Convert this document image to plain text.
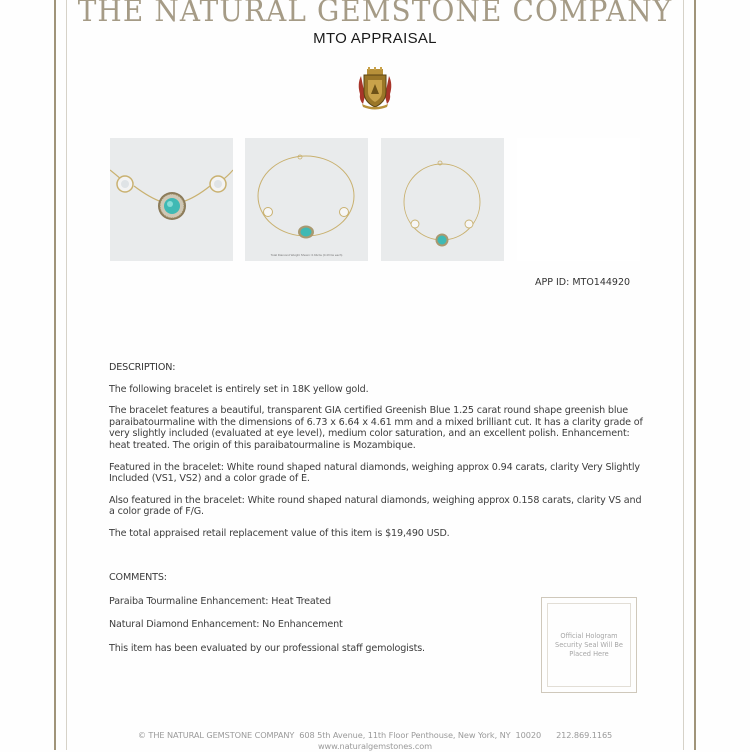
THE NATURAL GEMSTONE COMPANY
MTO APPRAISAL
Total Diamond Weight Shown: 0.94ctw (0.47ctw each)
APP ID: MTO144920

DESCRIPTION:

The following bracelet is entirely set in 18K yellow gold.

The bracelet features a beautiful, transparent GIA certified Greenish Blue 1.25 carat round shape greenish blue paraibatourmaline with the dimensions of 6.73 x 6.64 x 4.61 mm and a mixed brilliant cut. It has a clarity grade of very slightly included (evaluated at eye level), medium color saturation, and an excellent polish. Enhancement: heat treated. The origin of this paraibatourmaline is Mozambique.

Featured in the bracelet: White round shaped natural diamonds, weighing approx 0.94 carats, clarity Very Slightly Included (VS1, VS2) and a color grade of E.

Also featured in the bracelet: White round shaped natural diamonds, weighing approx 0.158 carats, clarity VS and a color grade of F/G.

The total appraised retail replacement value of this item is $19,490 USD.

COMMENTS:

Paraiba Tourmaline Enhancement: Heat Treated

Natural Diamond Enhancement: No Enhancement

This item has been evaluated by our professional staff gemologists.

Official Hologram Security Seal Will Be Placed Here
© THE NATURAL GEMSTONE COMPANY  608 5th Avenue, 11th Floor Penthouse, New York, NY  10020      212.869.1165
www.naturalgemstones.com
